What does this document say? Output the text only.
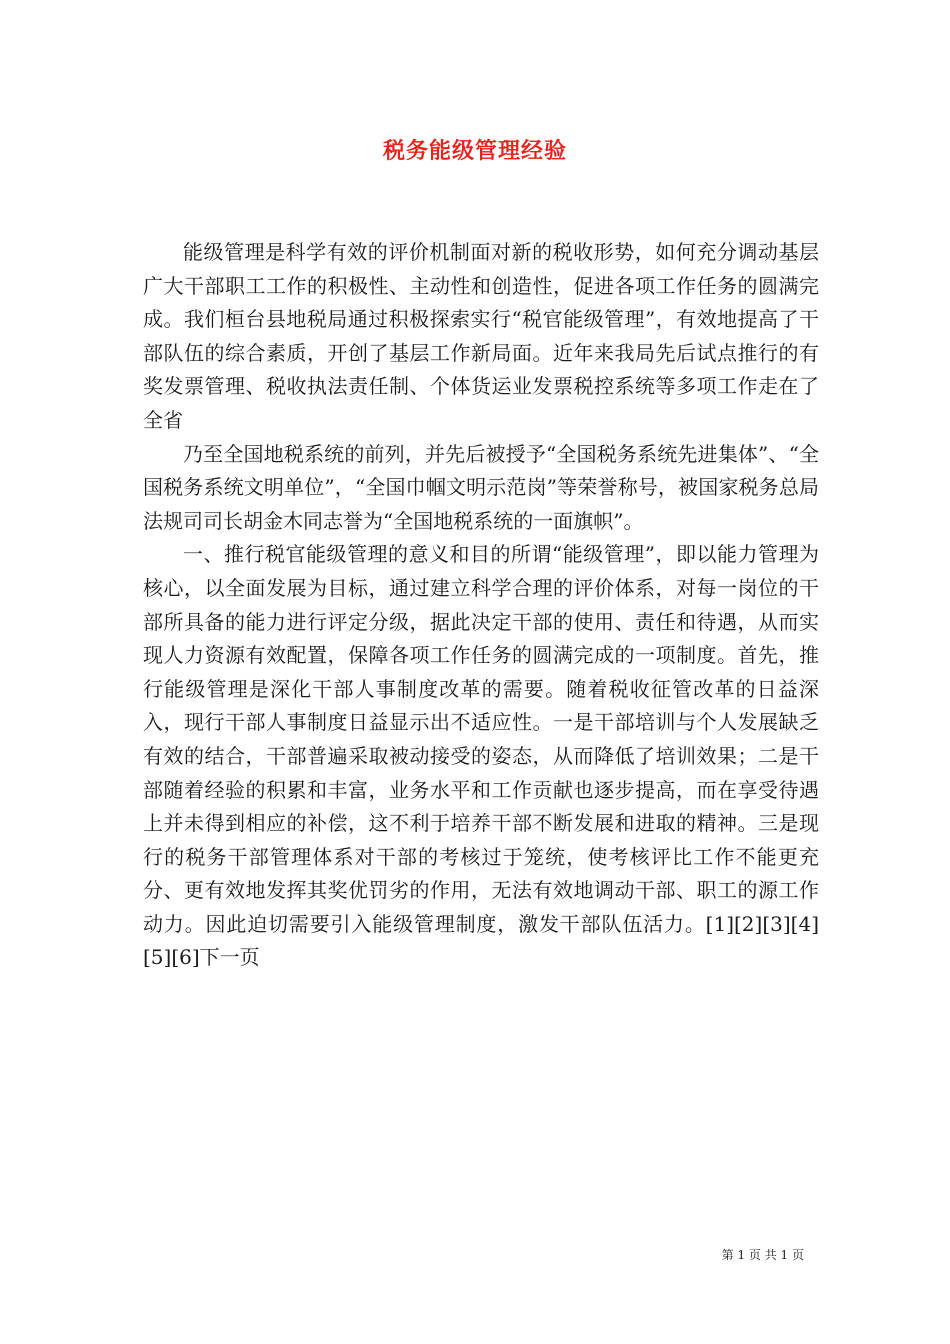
税务能级管理经验

能级管理是科学有效的评价机制面对新的税收形势，如何充分调动基层广大干部职工工作的积极性、主动性和创造性，促进各项工作任务的圆满完成。我们桓台县地税局通过积极探索实行“税官能级管理”，有效地提高了干部队伍的综合素质，开创了基层工作新局面。近年来我局先后试点推行的有奖发票管理、税收执法责任制、个体货运业发票税控系统等多项工作走在了全省

乃至全国地税系统的前列，并先后被授予“全国税务系统先进集体”、“全国税务系统文明单位”，“全国巾帼文明示范岗”等荣誉称号，被国家税务总局法规司司长胡金木同志誉为“全国地税系统的一面旗帜”。

一、推行税官能级管理的意义和目的所谓“能级管理”，即以能力管理为核心，以全面发展为目标，通过建立科学合理的评价体系，对每一岗位的干部所具备的能力进行评定分级，据此决定干部的使用、责任和待遇，从而实现人力资源有效配置，保障各项工作任务的圆满完成的一项制度。首先，推行能级管理是深化干部人事制度改革的需要。随着税收征管改革的日益深入，现行干部人事制度日益显示出不适应性。一是干部培训与个人发展缺乏有效的结合，干部普遍采取被动接受的姿态，从而降低了培训效果；二是干部随着经验的积累和丰富，业务水平和工作贡献也逐步提高，而在享受待遇上并未得到相应的补偿，这不利于培养干部不断发展和进取的精神。三是现行的税务干部管理体系对干部的考核过于笼统，使考核评比工作不能更充分、更有效地发挥其奖优罚劣的作用，无法有效地调动干部、职工的源工作动力。因此迫切需要引入能级管理制度，激发干部队伍活力。[1][2][3][4][5][6]下一页

第 1 页 共 1 页
